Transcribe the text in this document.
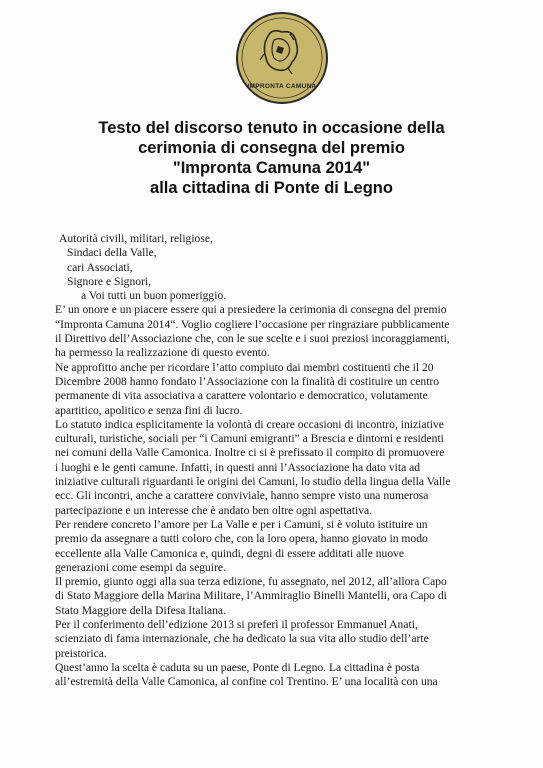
IMPRONTA CAMUNA
Testo del discorso tenuto in occasione della
cerimonia di consegna del premio
"Impronta Camuna 2014"
alla cittadina di Ponte di Legno
Autorità civili, militari, religiose,
Sindaci della Valle,
cari Associati,
Signore e Signori,
a Voi tutti un buon pomeriggio.
E’ un onore e un piacere essere qui a presiedere la cerimonia di consegna del premio
“Impronta Camuna 2014“. Voglio cogliere l’occasione per ringraziare pubblicamente
il Direttivo dell’Associazione che, con le sue scelte e i suoi preziosi incoraggiamenti,
ha permesso la realizzazione di questo evento.
Ne approfitto anche per ricordare l’atto compiuto dai membri costituenti che il 20
Dicembre 2008 hanno fondato l’Associazione con la finalità di costituire un centro
permanente di vita associativa a carattere volontario e democratico, volutamente
apartitico, apolitico e senza fini di lucro.
Lo statuto indica esplicitamente la volontà di creare occasioni di incontro, iniziative
culturali, turistiche, sociali per “i Camuni emigranti” a Brescia e dintorni e residenti
nei comuni della Valle Camonica. Inoltre ci si è prefissato il compito di promuovere
i luoghi e le genti camune. Infatti, in questi anni l’Associazione ha dato vita ad
iniziative culturali riguardanti le origini dei Camuni, lo studio della lingua della Valle
ecc. Gli incontri, anche a carattere conviviale, hanno sempre visto una numerosa
partecipazione e un interesse che è andato ben oltre ogni aspettativa.
Per rendere concreto l’amore per La Valle e per i Camuni, si è voluto istituire un
premio da assegnare a tutti coloro che, con la loro opera, hanno giovato in modo
eccellente alla Valle Camonica e, quindi, degni di essere additati alle nuove
generazioni come esempi da seguire.
Il premio, giunto oggi alla sua terza edizione, fu assegnato, nel 2012, all’allora Capo
di Stato Maggiore della Marina Militare, l’Ammiraglio Binelli Mantelli, ora Capo di
Stato Maggiore della Difesa Italiana.
Per il conferimento dell’edizione 2013 si preferì il professor Emmanuel Anati,
scienziato di fama internazionale, che ha dedicato la sua vita allo studio dell’arte
preistorica.
Quest’anno la scelta è caduta su un paese, Ponte di Legno. La cittadina è posta
all’estremità della Valle Camonica, al confine col Trentino. E’ una località con una
